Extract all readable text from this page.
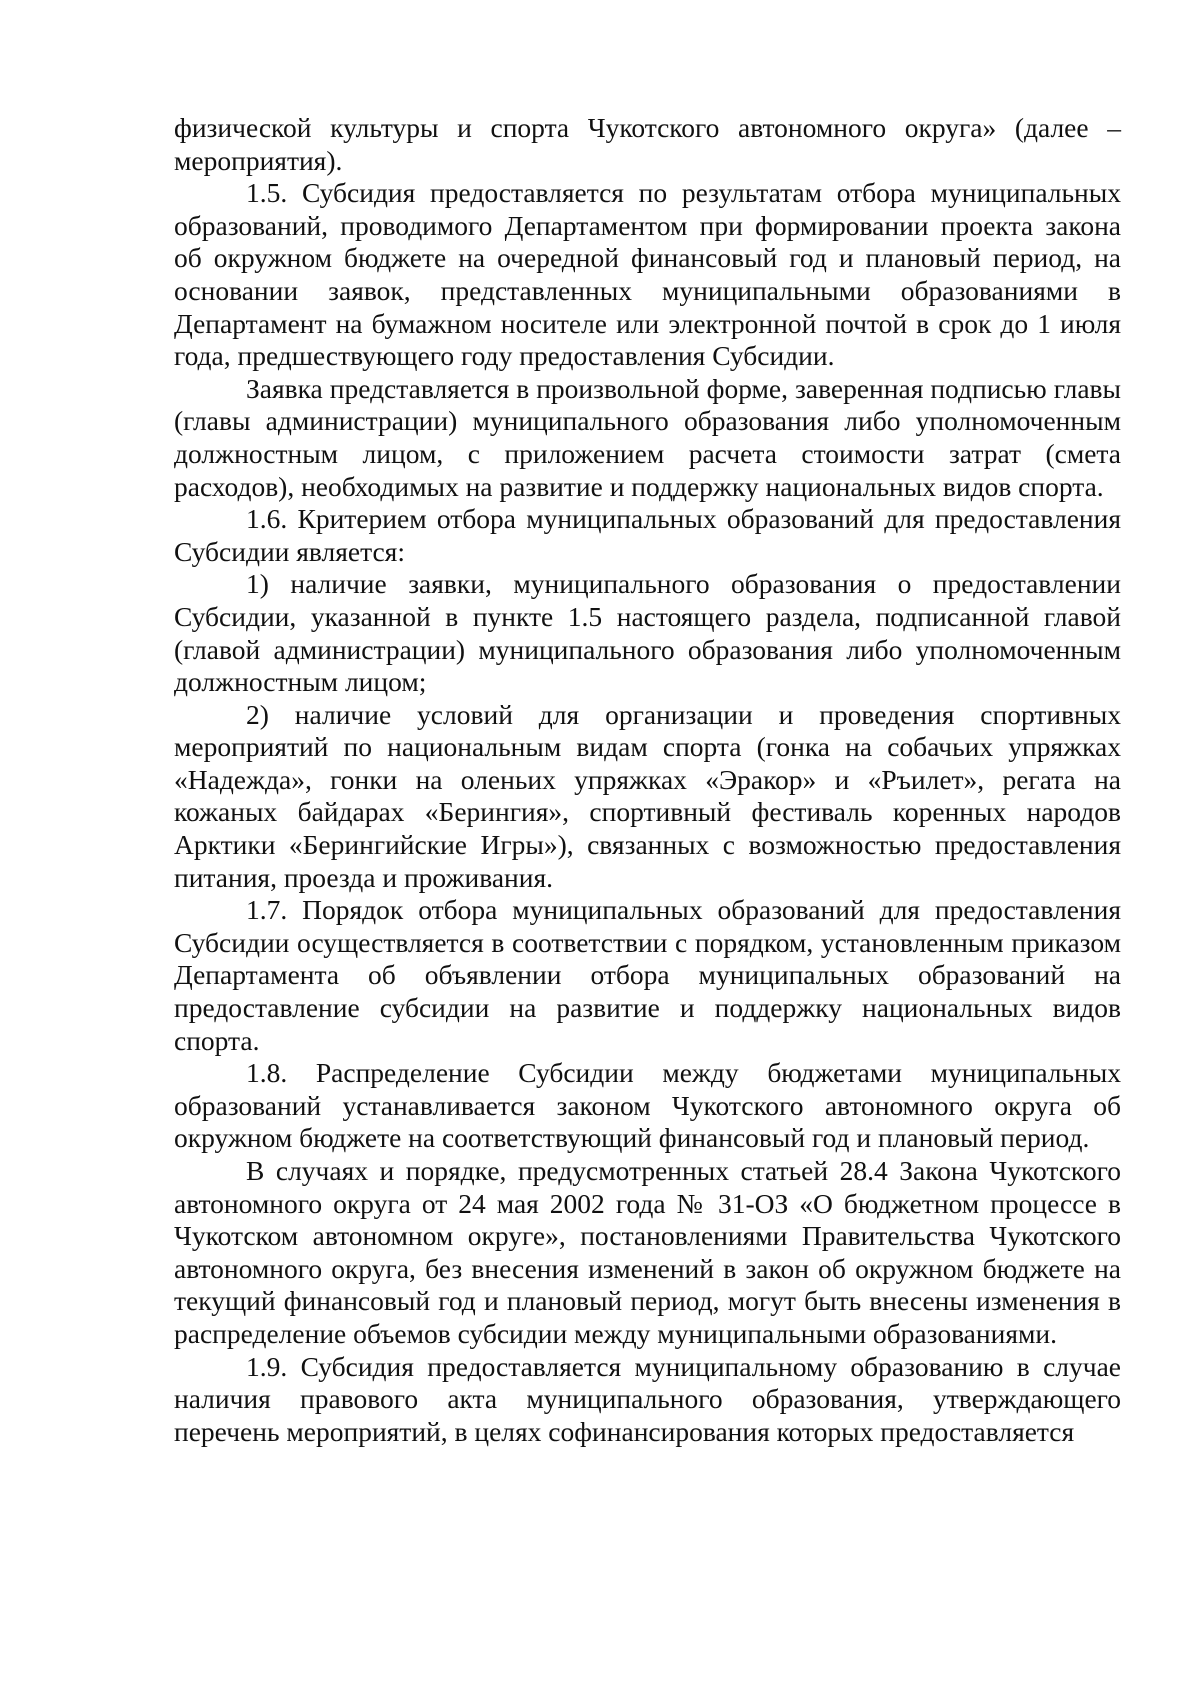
физической культуры и спорта Чукотского автономного округа» (далее – мероприятия).

1.5. Субсидия предоставляется по результатам отбора муниципальных образований, проводимого Департаментом при формировании проекта закона об окружном бюджете на очередной финансовый год и плановый период, на основании заявок, представленных муниципальными образованиями в Департамент на бумажном носителе или электронной почтой в срок до 1 июля года, предшествующего году предоставления Субсидии.

Заявка представляется в произвольной форме, заверенная подписью главы (главы администрации) муниципального образования либо уполномоченным должностным лицом, с приложением расчета стоимости затрат (смета расходов), необходимых на развитие и поддержку национальных видов спорта.

1.6. Критерием отбора муниципальных образований для предоставления Субсидии является:

1) наличие заявки, муниципального образования о предоставлении Субсидии, указанной в пункте 1.5 настоящего раздела, подписанной главой (главой администрации) муниципального образования либо уполномоченным должностным лицом;

2) наличие условий для организации и проведения спортивных мероприятий по национальным видам спорта (гонка на собачьих упряжках «Надежда», гонки на оленьих упряжках «Эракор» и «Ръилет», регата на кожаных байдарах «Берингия», спортивный фестиваль коренных народов Арктики «Берингийские Игры»), связанных с возможностью предоставления питания, проезда и проживания.

1.7. Порядок отбора муниципальных образований для предоставления Субсидии осуществляется в соответствии с порядком, установленным приказом Департамента об объявлении отбора муниципальных образований на предоставление субсидии на развитие и поддержку национальных видов спорта.

1.8. Распределение Субсидии между бюджетами муниципальных образований устанавливается законом Чукотского автономного округа об окружном бюджете на соответствующий финансовый год и плановый период.

В случаях и порядке, предусмотренных статьей 28.4 Закона Чукотского автономного округа от 24 мая 2002 года № 31-ОЗ «О бюджетном процессе в Чукотском автономном округе», постановлениями Правительства Чукотского автономного округа, без внесения изменений в закон об окружном бюджете на текущий финансовый год и плановый период, могут быть внесены изменения в распределение объемов субсидии между муниципальными образованиями.

1.9. Субсидия предоставляется муниципальному образованию в случае наличия правового акта муниципального образования, утверждающего перечень мероприятий, в целях софинансирования которых предоставляется
